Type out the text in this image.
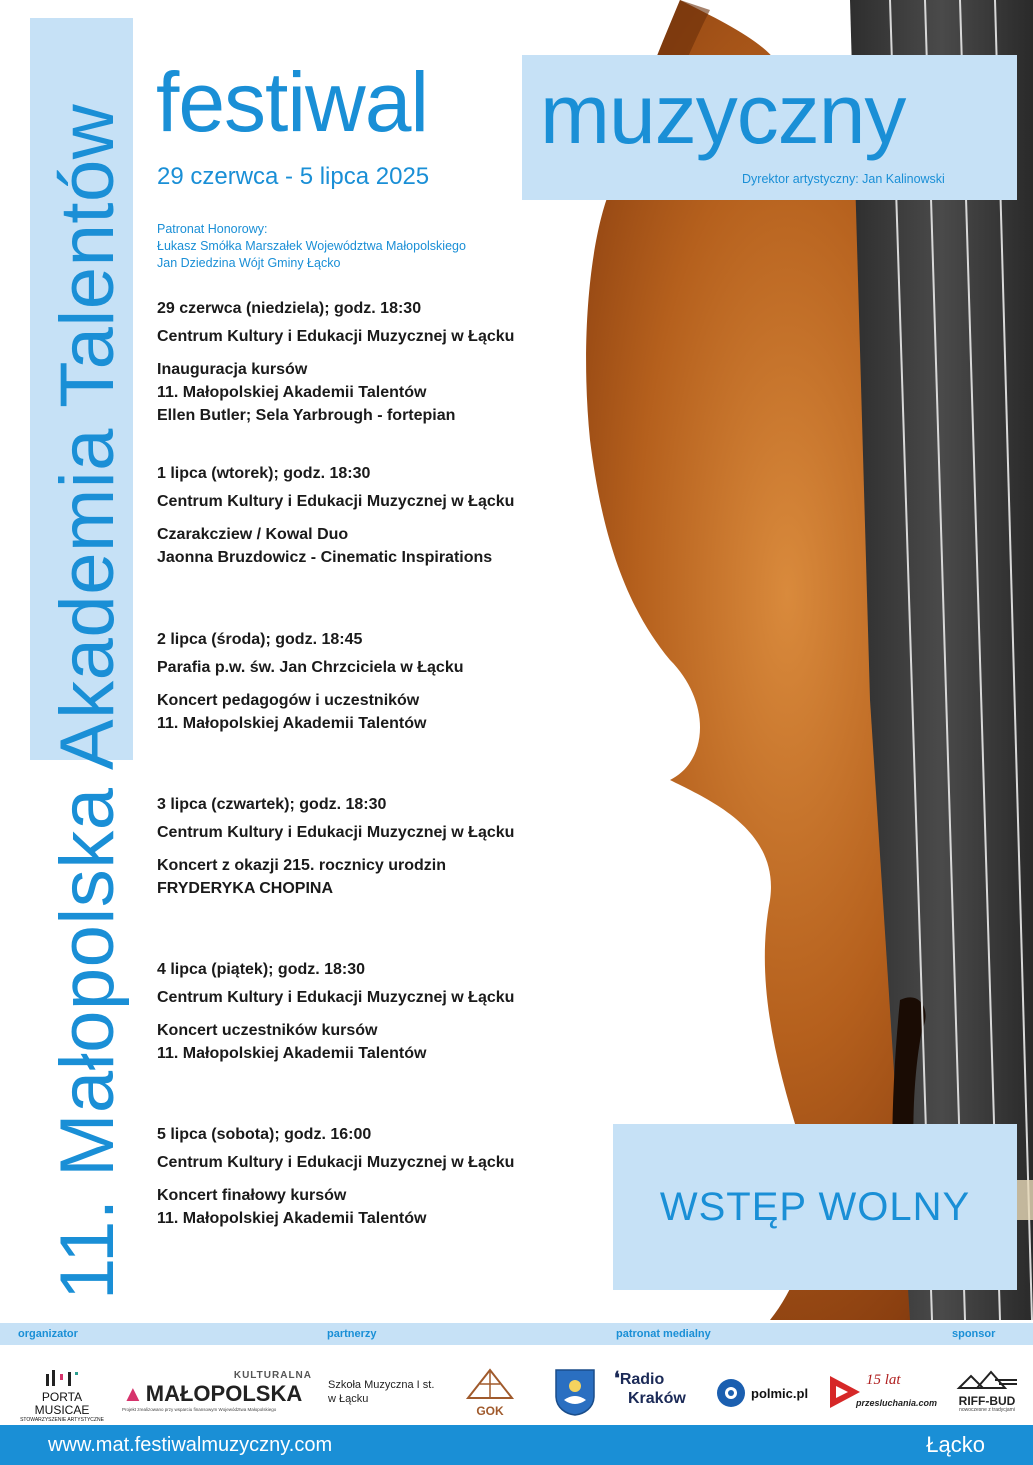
11. Małopolska Akademia Talentów
festiwal muzyczny
29 czerwca - 5 lipca 2025	Dyrektor artystyczny: Jan Kalinowski
Patronat Honorowy:
Łukasz Smółka Marszałek Województwa Małopolskiego
Jan Dziedzina Wójt Gminy Łącko
29 czerwca (niedziela); godz. 18:30
Centrum Kultury i Edukacji Muzycznej w Łącku
Inauguracja kursów
11. Małopolskiej Akademii Talentów
Ellen Butler; Sela Yarbrough - fortepian
1 lipca (wtorek); godz. 18:30
Centrum Kultury i Edukacji Muzycznej w Łącku
Czarakcziew / Kowal Duo
Jaonna Bruzdowicz - Cinematic Inspirations
2 lipca (środa); godz. 18:45
Parafia p.w. św. Jan Chrzciciela w Łącku
Koncert pedagogów i uczestników
11. Małopolskiej Akademii Talentów
3 lipca (czwartek); godz. 18:30
Centrum Kultury i Edukacji Muzycznej w Łącku
Koncert z okazji 215. rocznicy urodzin
FRYDERYKA CHOPINA
4 lipca (piątek); godz. 18:30
Centrum Kultury i Edukacji Muzycznej w Łącku
Koncert uczestników kursów
11. Małopolskiej Akademii Talentów
5 lipca (sobota); godz. 16:00
Centrum Kultury i Edukacji Muzycznej w Łącku
Koncert finałowy kursów
11. Małopolskiej Akademii Talentów	WSTĘP WOLNY
organizator	partnerzy	patronat medialny	sponsor
PORTA MUSICAE
STOWARZYSZENIE ARTYSTYCZNE
KULTURALNA
▲ MAŁOPOLSKA
Projekt zrealizowano przy wsparciu finansowym Województwa Małopolskiego
Szkoła Muzyczna I st.
w Łącku
GOK
❛Radio
Kraków	polmic.pl
15 lat
przesluchania.com	RIFF-BUD
nowoczesne z tradycjami
www.mat.festiwalmuzyczny.com	Łącko
